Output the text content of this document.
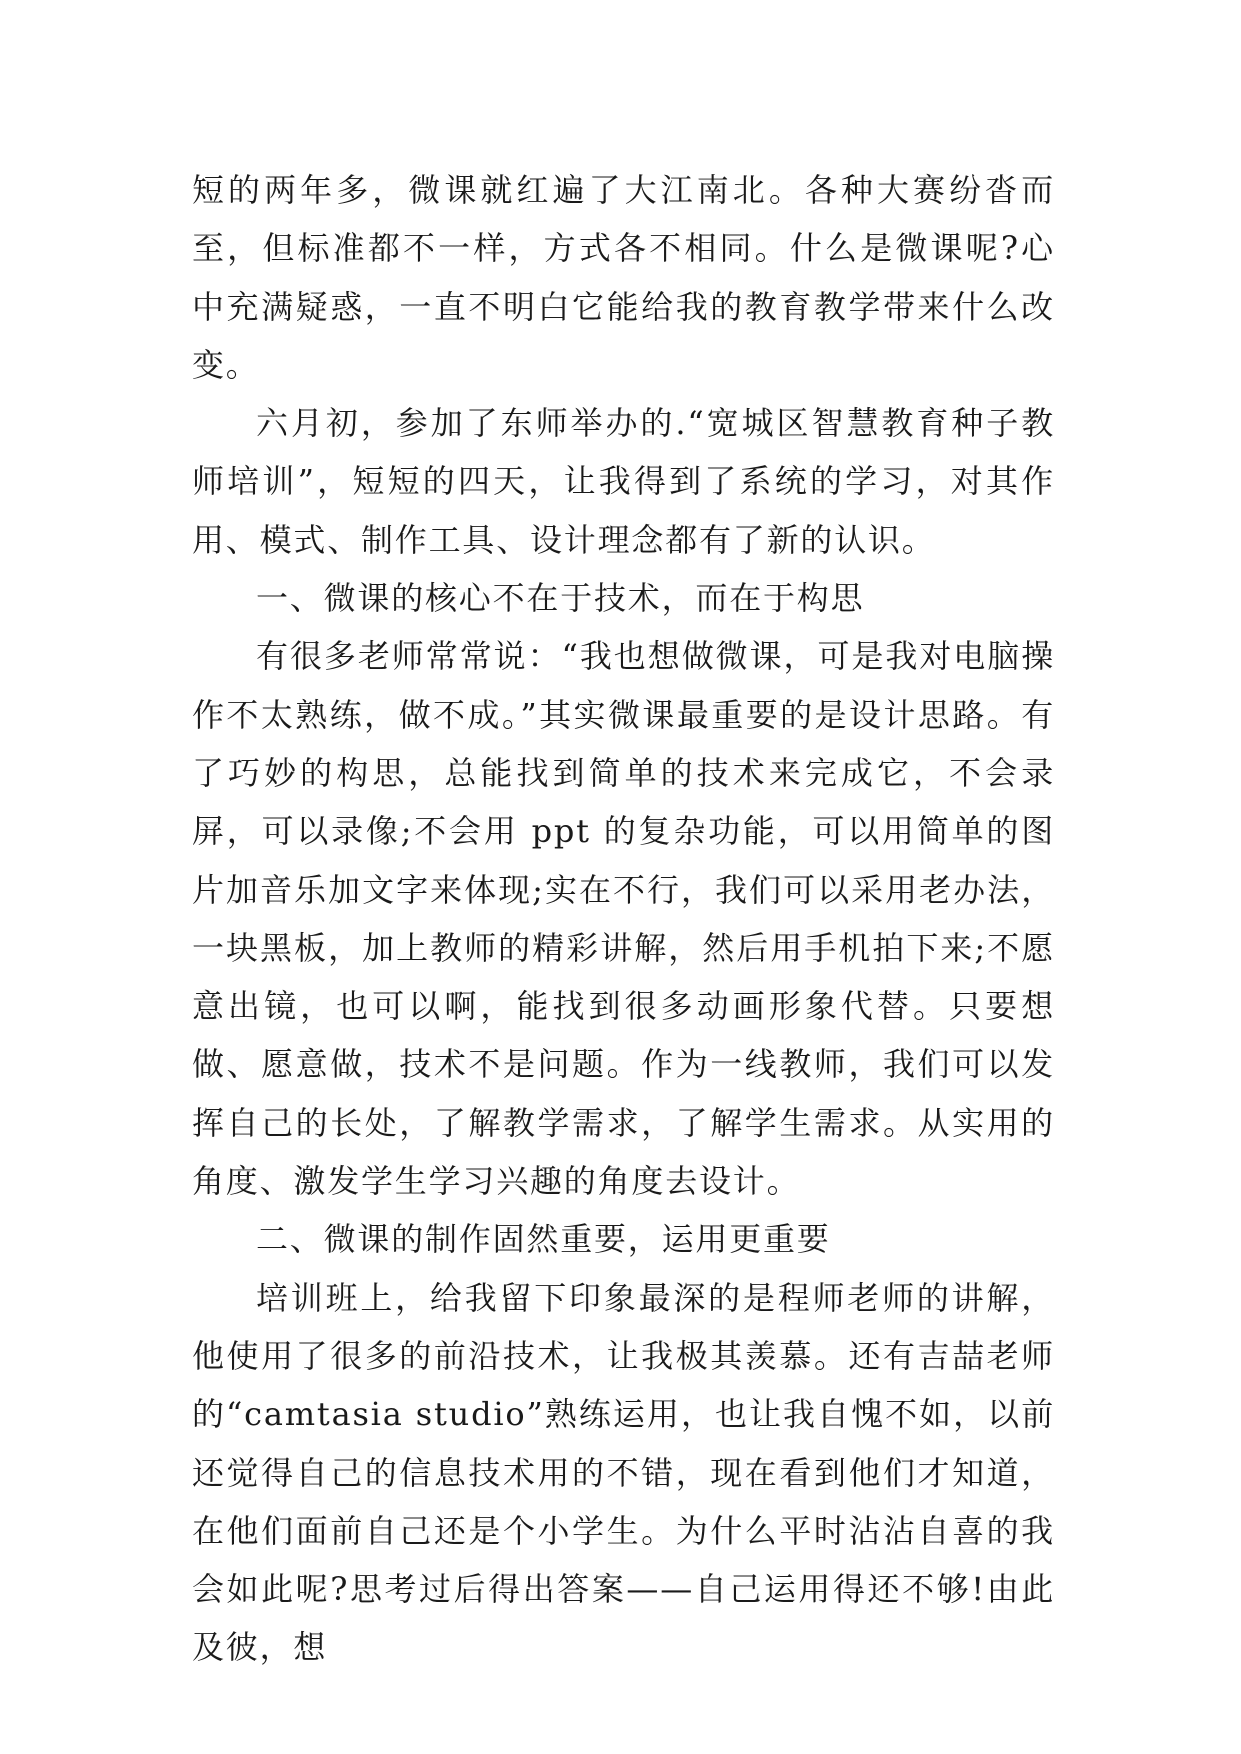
短的两年多，微课就红遍了大江南北。各种大赛纷沓而至，但标准都不一样，方式各不相同。什么是微课呢?心中充满疑惑，一直不明白它能给我的教育教学带来什么改变。

六月初，参加了东师举办的.“宽城区智慧教育种子教师培训”，短短的四天，让我得到了系统的学习，对其作用、模式、制作工具、设计理念都有了新的认识。

一、微课的核心不在于技术，而在于构思

有很多老师常常说：“我也想做微课，可是我对电脑操作不太熟练，做不成。”其实微课最重要的是设计思路。有了巧妙的构思，总能找到简单的技术来完成它，不会录屏，可以录像;不会用 ppt 的复杂功能，可以用简单的图片加音乐加文字来体现;实在不行，我们可以采用老办法，一块黑板，加上教师的精彩讲解，然后用手机拍下来;不愿意出镜，也可以啊，能找到很多动画形象代替。只要想做、愿意做，技术不是问题。作为一线教师，我们可以发挥自己的长处，了解教学需求，了解学生需求。从实用的角度、激发学生学习兴趣的角度去设计。

二、微课的制作固然重要，运用更重要

培训班上，给我留下印象最深的是程师老师的讲解，他使用了很多的前沿技术，让我极其羡慕。还有吉喆老师的“camtasia studio”熟练运用，也让我自愧不如，以前还觉得自己的信息技术用的不错，现在看到他们才知道，在他们面前自己还是个小学生。为什么平时沾沾自喜的我会如此呢?思考过后得出答案——自己运用得还不够!由此及彼，想
